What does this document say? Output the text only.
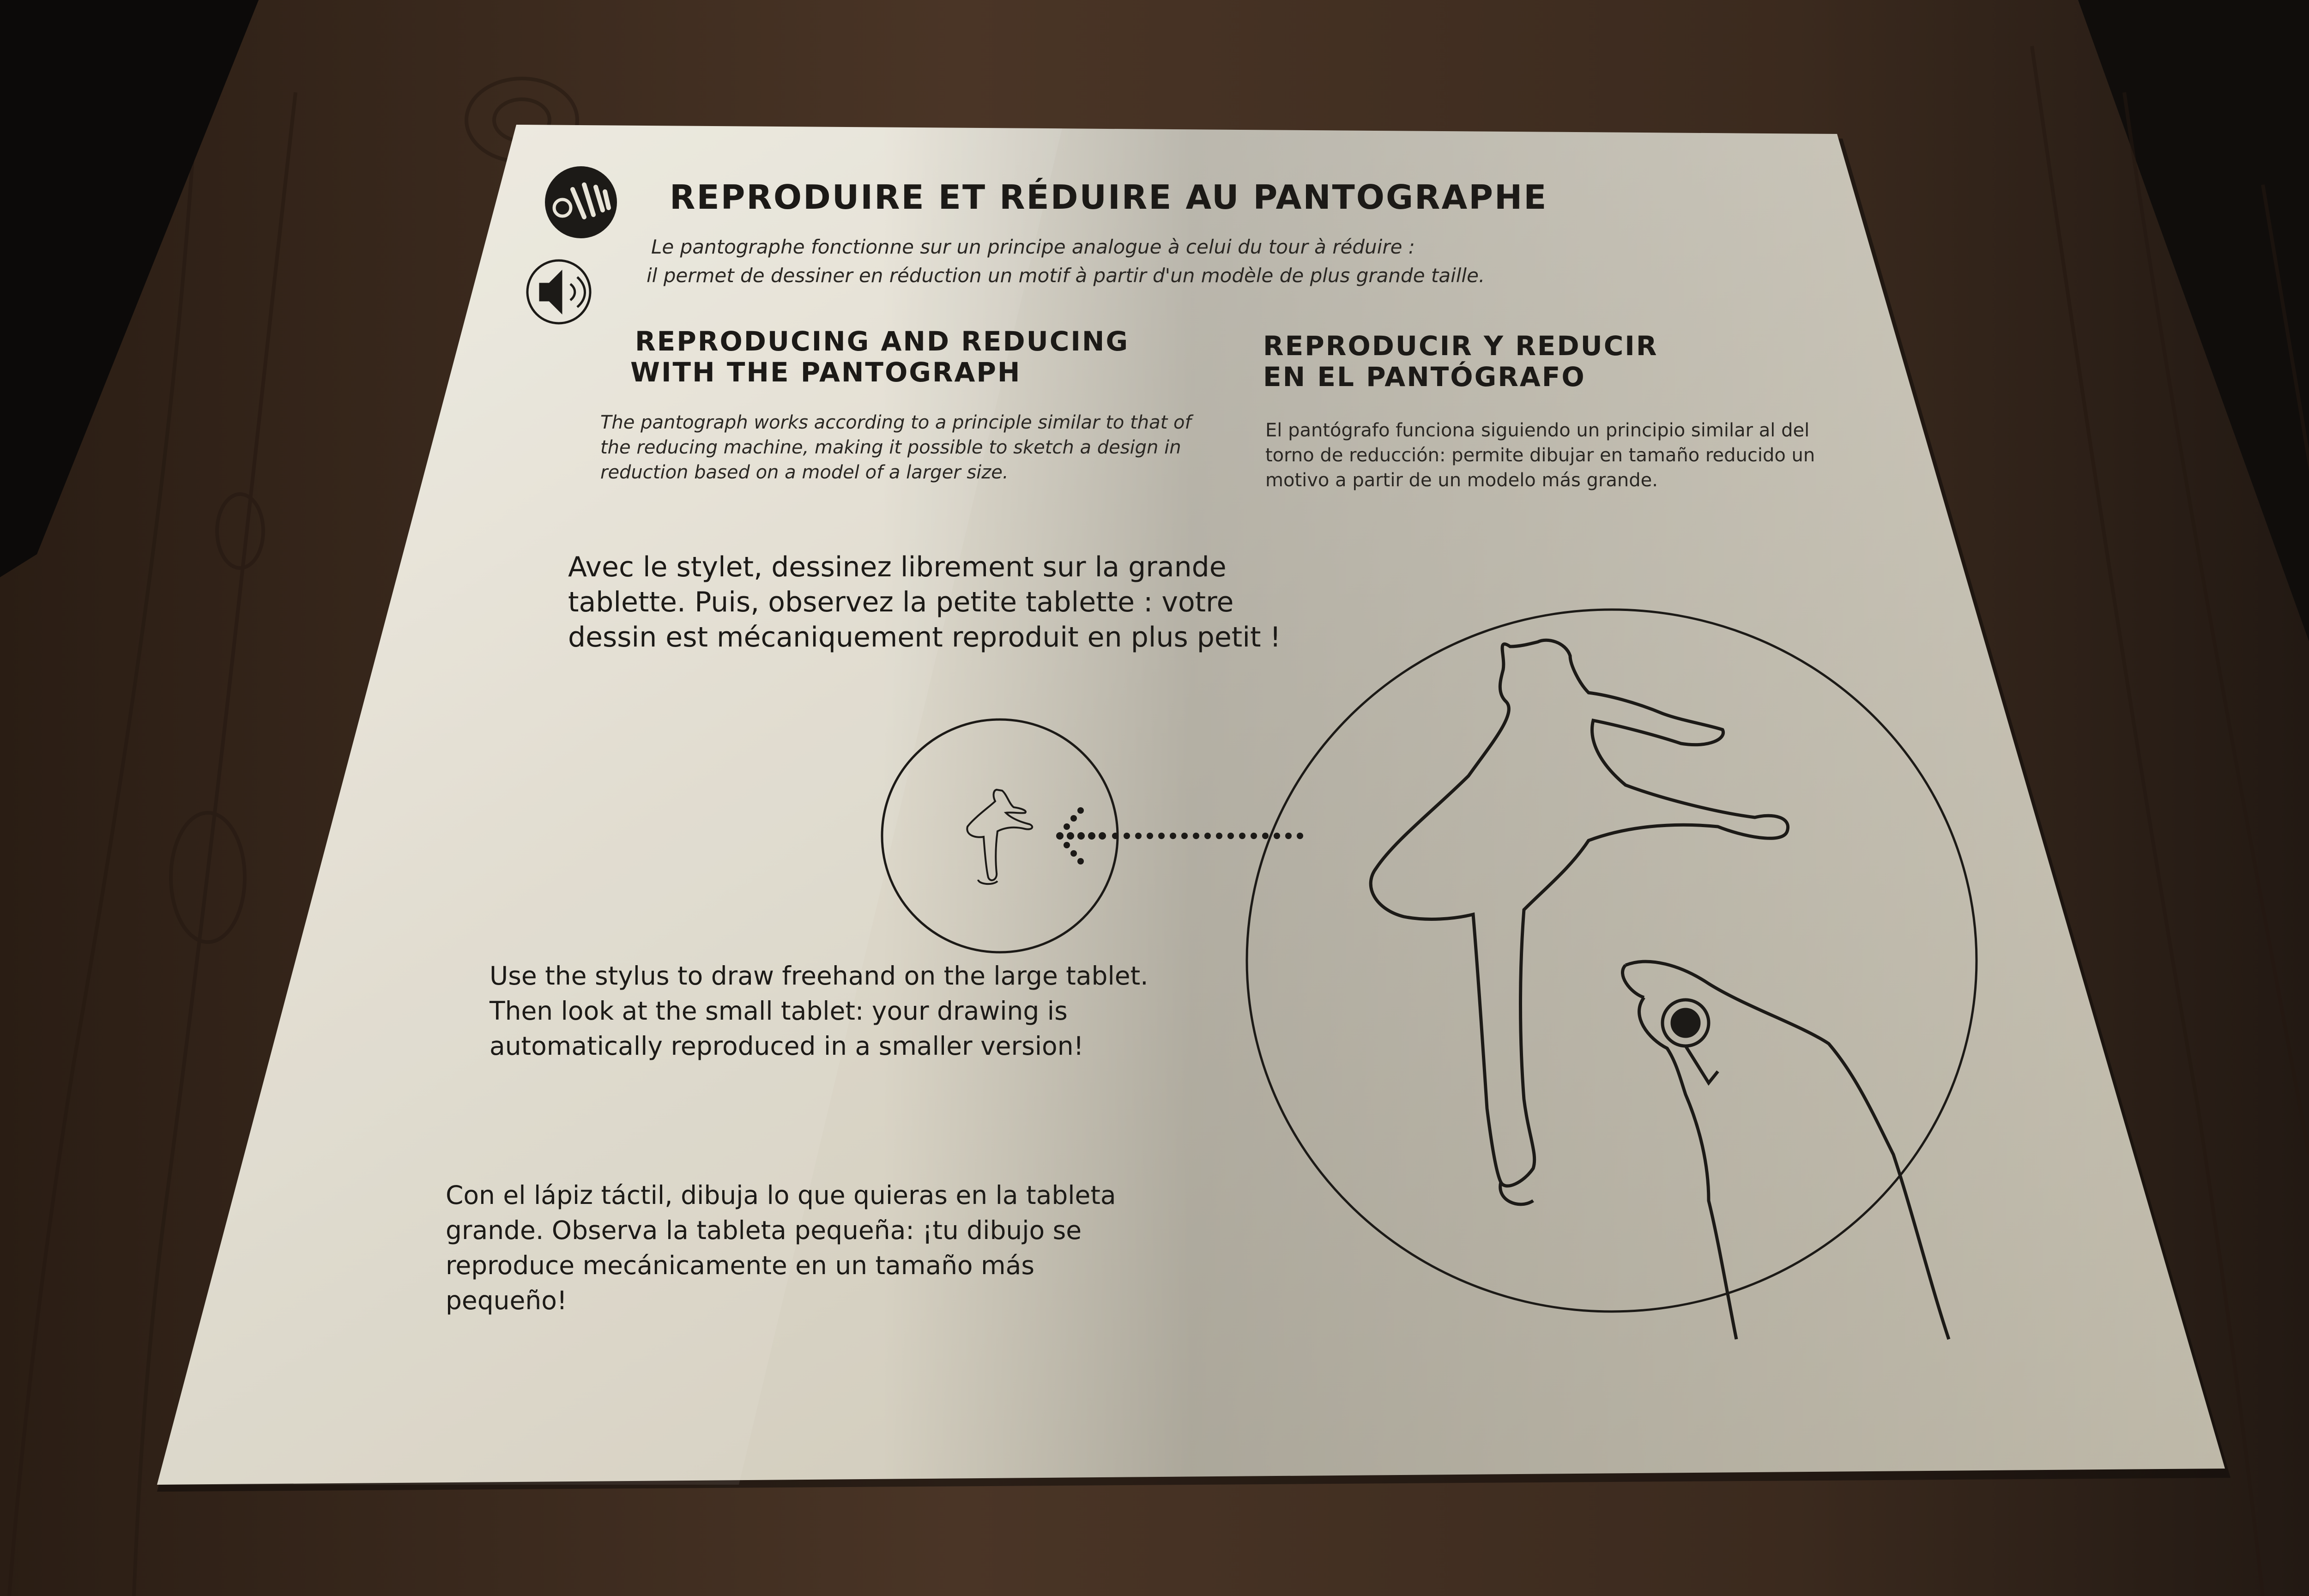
REPRODUIRE ET RÉDUIRE AU PANTOGRAPHE
Le pantographe fonctionne sur un principe analogue à celui du tour à réduire :
il permet de dessiner en réduction un motif à partir d'un modèle de plus grande taille.
REPRODUCING AND REDUCING
WITH THE PANTOGRAPH
REPRODUCIR Y REDUCIR
EN EL PANTÓGRAFO
The pantograph works according to a principle similar to that of the reducing machine, making it possible to sketch a design in reduction based on a model of a larger size.
El pantógrafo funciona siguiendo un principio similar al del torno de reducción: permite dibujar en tamaño reducido un motivo a partir de un modelo más grande.
Avec le stylet, dessinez librement sur la grande tablette. Puis, observez la petite tablette : votre dessin est mécaniquement reproduit en plus petit !
Use the stylus to draw freehand on the large tablet. Then look at the small tablet: your drawing is automatically reproduced in a smaller version!
Con el lápiz táctil, dibuja lo que quieras en la tableta grande. Observa la tableta pequeña: ¡tu dibujo se reproduce mecánicamente en un tamaño más pequeño!
